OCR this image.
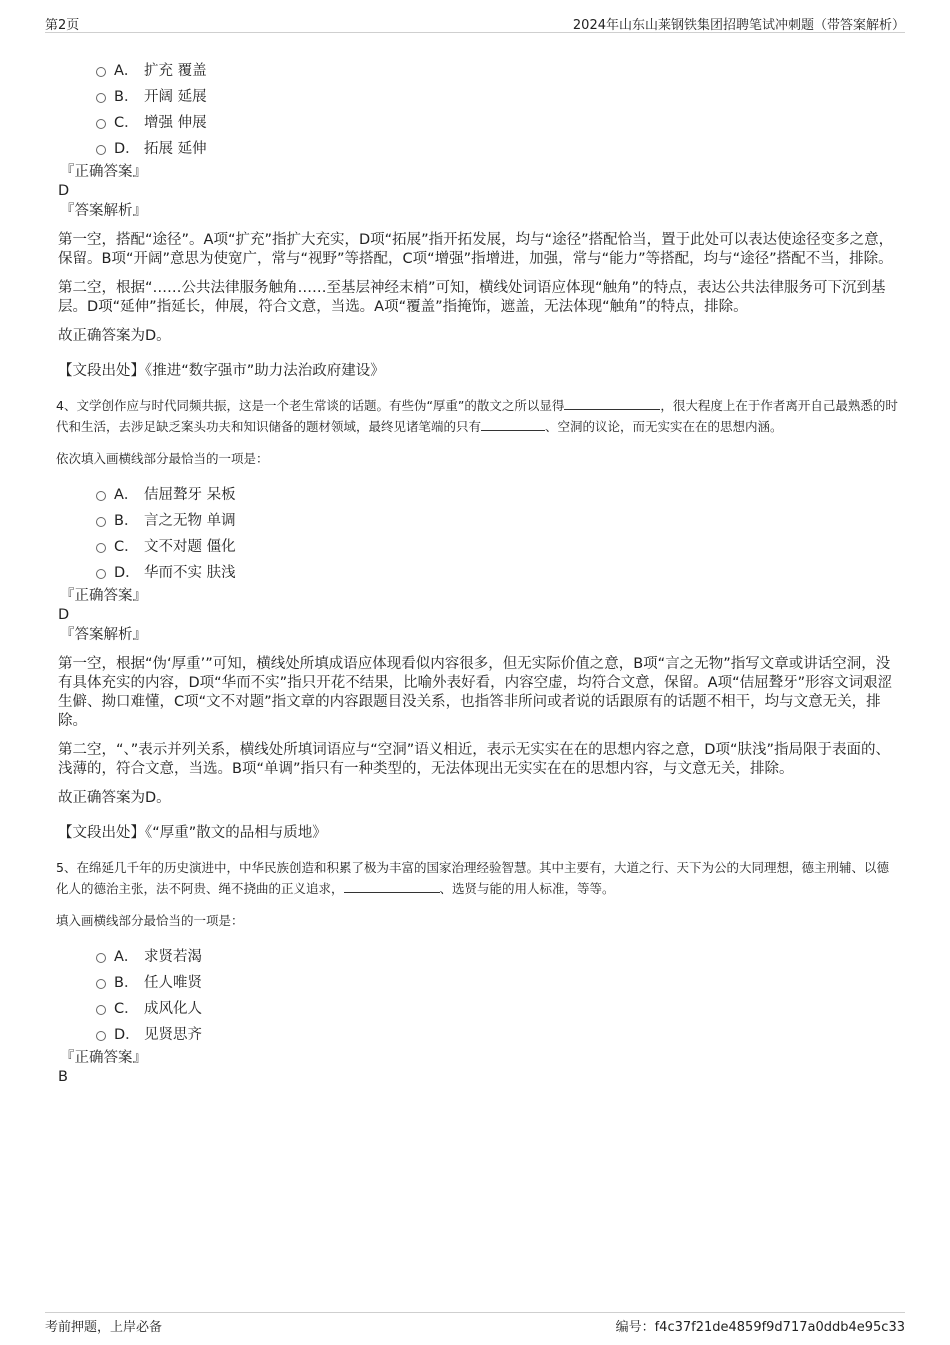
第2页	2024年山东山莱钢铁集团招聘笔试冲刺题（带答案解析）
A． 扩充 覆盖
B． 开阔 延展
C． 增强 伸展
D． 拓展 延伸
『正确答案』
D
『答案解析』
第一空，搭配“途径”。A项“扩充”指扩大充实，D项“拓展”指开拓发展，均与“途径”搭配恰当，置于此处可以表达使途径变多之意，保留。B项“开阔”意思为使宽广，常与“视野”等搭配，C项“增强”指增进，加强，常与“能力”等搭配，均与“途径”搭配不当，排除。
第二空，根据“……公共法律服务触角……至基层神经末梢”可知，横线处词语应体现“触角”的特点，表达公共法律服务可下沉到基层。D项“延伸”指延长，伸展，符合文意，当选。A项“覆盖”指掩饰，遮盖，无法体现“触角”的特点，排除。
故正确答案为D。
【文段出处】《推进“数字强市”助力法治政府建设》
4、文学创作应与时代同频共振，这是一个老生常谈的话题。有些伪“厚重”的散文之所以显得	，很大程度上在于作者离开自己最熟悉的时代和生活，去涉足缺乏案头功夫和知识储备的题材领域，最终见诸笔端的只有	、空洞的议论，而无实实在在的思想内涵。
依次填入画横线部分最恰当的一项是：
A． 佶屈聱牙 呆板
B． 言之无物 单调
C． 文不对题 僵化
D． 华而不实 肤浅
『正确答案』
D
『答案解析』
第一空，根据“伪‘厚重’”可知，横线处所填成语应体现看似内容很多，但无实际价值之意，B项“言之无物”指写文章或讲话空洞，没有具体充实的内容，D项“华而不实”指只开花不结果，比喻外表好看，内容空虚，均符合文意，保留。A项“佶屈聱牙”形容文词艰涩生僻、拗口难懂，C项“文不对题”指文章的内容跟题目没关系，也指答非所问或者说的话跟原有的话题不相干，均与文意无关，排除。
第二空，“、”表示并列关系，横线处所填词语应与“空洞”语义相近，表示无实实在在的思想内容之意，D项“肤浅”指局限于表面的、浅薄的，符合文意，当选。B项“单调”指只有一种类型的，无法体现出无实实在在的思想内容，与文意无关，排除。
故正确答案为D。
【文段出处】《“厚重”散文的品相与质地》
5、在绵延几千年的历史演进中，中华民族创造和积累了极为丰富的国家治理经验智慧。其中主要有，大道之行、天下为公的大同理想，德主刑辅、以德化人的德治主张，法不阿贵、绳不挠曲的正义追求，	、选贤与能的用人标准，等等。
填入画横线部分最恰当的一项是：
A． 求贤若渴
B． 任人唯贤
C． 成风化人
D． 见贤思齐
『正确答案』
B
考前押题，上岸必备	编号：f4c37f21de4859f9d717a0ddb4e95c33
